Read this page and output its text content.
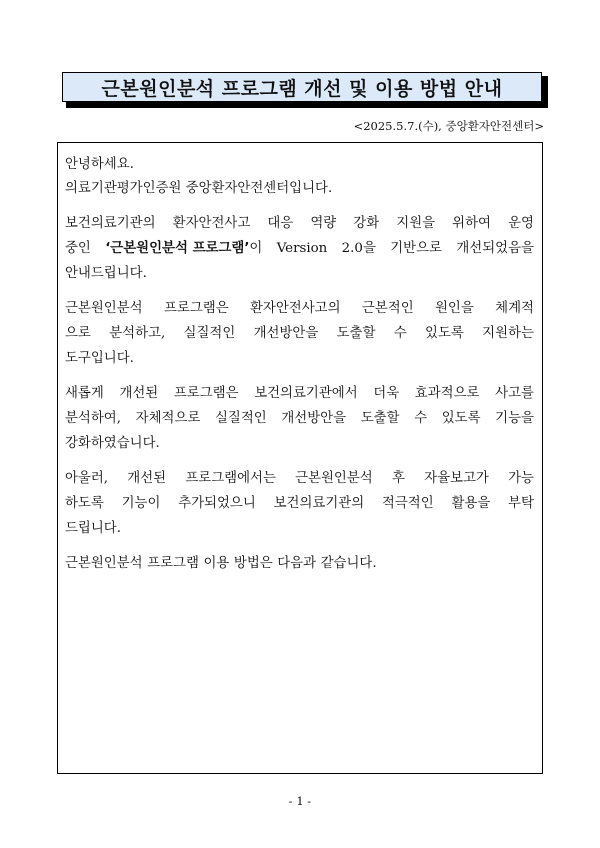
근본원인분석 프로그램 개선 및 이용 방법 안내
<2025.5.7.(수), 중앙환자안전센터>

안녕하세요.

의료기관평가인증원 중앙환자안전센터입니다.

보건의료기관의 환자안전사고 대응 역량 강화 지원을 위하여 운영
중인 ‘근본원인분석 프로그램’이 Version 2.0을 기반으로 개선되었음을
안내드립니다.
근본원인분석 프로그램은 환자안전사고의 근본적인 원인을 체계적
으로 분석하고, 실질적인 개선방안을 도출할 수 있도록 지원하는
도구입니다.
새롭게 개선된 프로그램은 보건의료기관에서 더욱 효과적으로 사고를
분석하여, 자체적으로 실질적인 개선방안을 도출할 수 있도록 기능을
강화하였습니다.
아울러, 개선된 프로그램에서는 근본원인분석 후 자율보고가 가능
하도록 기능이 추가되었으니 보건의료기관의 적극적인 활용을 부탁
드립니다.
근본원인분석 프로그램 이용 방법은 다음과 같습니다.
- 1 -
